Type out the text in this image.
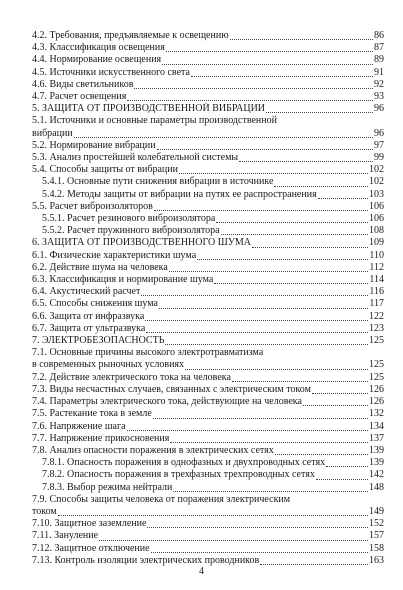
4.2. Требования, предъявляемые к освещению	86
4.3. Классификация освещения	87
4.4. Нормирование освещения	89
4.5. Источники искусственного света	91
4.6. Виды светильников	92
4.7. Расчет освещения	93
5. ЗАЩИТА ОТ ПРОИЗВОДСТВЕННОЙ ВИБРАЦИИ	96
5.1. Источники и основные параметры производственной
вибрации	96
5.2. Нормирование вибрации	97
5.3. Анализ простейшей колебательной системы	99
5.4. Способы защиты от вибрации	102
5.4.1. Основные пути снижения вибрации в источнике	102
5.4.2. Методы защиты от вибрации на путях ее распространения	103
5.5. Расчет виброизоляторов	106
5.5.1. Расчет резинового виброизолятора	106
5.5.2. Расчет пружинного виброизолятора	108
6. ЗАЩИТА ОТ ПРОИЗВОДСТВЕННОГО ШУМА	109
6.1. Физические характеристики шума	110
6.2. Действие шума на человека	112
6.3. Классификация и нормирование шума	114
6.4. Акустический расчет	116
6.5. Способы снижения шума	117
6.6. Защита от инфразвука	122
6.7. Защита от ультразвука	123
7. ЭЛЕКТРОБЕЗОПАСНОСТЬ	125
7.1. Основные причины высокого электротравматизма
в современных рыночных условиях	125
7.2. Действие электрического тока на человека	125
7.3. Виды несчастных случаев, связанных с электрическим током	126
7.4. Параметры электрического тока, действующие на человека	126
7.5. Растекание тока в земле	132
7.6. Напряжение шага	134
7.7. Напряжение прикосновения	137
7.8. Анализ опасности поражения в электрических сетях	139
7.8.1. Опасность поражения в однофазных и двухпроводных сетях	139
7.8.2. Опасность поражения в трехфазных трехпроводных сетях	142
7.8.3. Выбор режима нейтрали	148
7.9. Способы защиты человека от поражения электрическим
током	149
7.10. Защитное заземление	152
7.11. Зануление	157
7.12. Защитное отключение	158
7.13. Контроль изоляции электрических проводников	163
4
